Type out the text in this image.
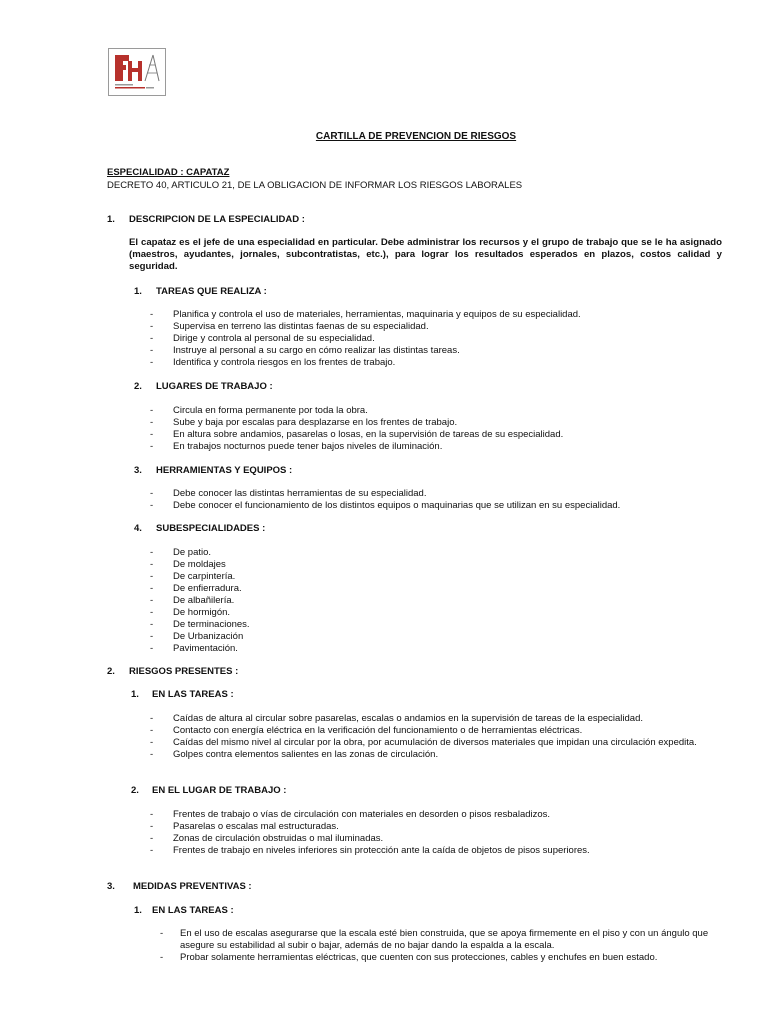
CARTILLA DE PREVENCION DE RIESGOS
ESPECIALIDAD : CAPATAZ
DECRETO 40, ARTICULO 21, DE LA OBLIGACION DE INFORMAR LOS RIESGOS LABORALES
1. DESCRIPCION DE LA ESPECIALIDAD :
El capataz es el jefe de una especialidad en particular. Debe administrar los recursos y el grupo de trabajo que se le ha asignado (maestros, ayudantes, jornales, subcontratistas, etc.), para lograr los resultados esperados en plazos, costos calidad y seguridad.
1. TAREAS QUE REALIZA :
- Planifica y controla el uso de materiales, herramientas, maquinaria y equipos de su especialidad.
- Supervisa en terreno las distintas faenas de su especialidad.
- Dirige y controla al personal de su especialidad.
- Instruye al personal a su cargo en cómo realizar las distintas tareas.
- Identifica y controla riesgos en los frentes de trabajo.
2. LUGARES DE TRABAJO :
- Circula en forma permanente por toda la obra.
- Sube y baja por escalas para desplazarse en los frentes de trabajo.
- En altura sobre andamios, pasarelas o losas, en la supervisión de tareas de su especialidad.
- En trabajos nocturnos puede tener bajos niveles de iluminación.
3. HERRAMIENTAS Y EQUIPOS :
- Debe conocer las distintas herramientas de su especialidad.
- Debe conocer el funcionamiento de los distintos equipos o maquinarias que se utilizan en su especialidad.
4. SUBESPECIALIDADES :
- De patio.
- De moldajes
- De carpintería.
- De enfierradura.
- De albañilería.
- De hormigón.
- De terminaciones.
- De Urbanización
- Pavimentación.
2. RIESGOS PRESENTES :
1. EN LAS TAREAS :
- Caídas de altura al circular sobre pasarelas, escalas o andamios en la supervisión de tareas de la especialidad.
- Contacto con energía eléctrica en la verificación del funcionamiento o de herramientas eléctricas.
- Caídas del mismo nivel al circular por la obra, por acumulación de diversos materiales que impidan una circulación expedita.
- Golpes contra elementos salientes en las zonas de circulación.
2. EN EL LUGAR DE TRABAJO :
- Frentes de trabajo o vías de circulación con materiales en desorden o pisos resbaladizos.
- Pasarelas o escalas mal estructuradas.
- Zonas de circulación obstruidas o mal iluminadas.
- Frentes de trabajo en niveles inferiores sin protección ante la caída de objetos de pisos superiores.
3. MEDIDAS PREVENTIVAS :
1. EN LAS TAREAS :
- En el uso de escalas asegurarse que la escala esté bien construida, que se apoya firmemente en el piso y con un ángulo que asegure su estabilidad al subir o bajar, además de no bajar dando la espalda a la escala.
- Probar solamente herramientas eléctricas, que cuenten con sus protecciones, cables y enchufes en buen estado.
